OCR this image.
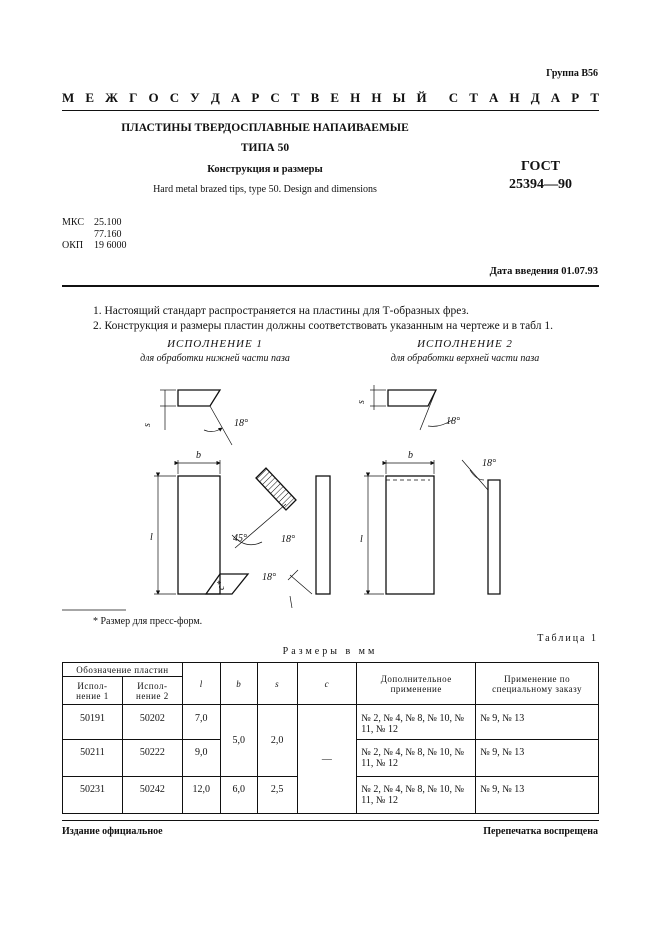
Группа В56
М Е Ж Г О С У Д А Р С Т В Е Н Н Ы Й С Т А Н Д А Р Т
ПЛАСТИНЫ ТВЕРДОСПЛАВНЫЕ НАПАИВАЕМЫЕ
ТИПА 50
Конструкция и размеры
Hard metal brazed tips, type 50. Design and dimensions
ГОСТ
25394—90
МКС	25.100
77.160
ОКП	19 6000
Дата введения 01.07.93
1. Настоящий стандарт распространяется на пластины для Т-образных фрез.
2. Конструкция и размеры пластин должны соответствовать указанным на чертеже и в табл 1.
ИСПОЛНЕНИЕ 1
для обработки нижней части паза
ИСПОЛНЕНИЕ 2
для обработки верхней части паза
s	18°
b
l	45°	18°
c*
18°
s
18°
b
l
18°
* Размер для пресс-форм.
Таблица 1
Размеры в мм
Обозначение пластин		l	b	s	c	Дополнительное применение	Применение по специальному заказу
Испол-нение 1	Испол-нение 2						
50191	50202	7,0	5,0	2,0	—	№ 2, № 4, № 8, № 10, № 11, № 12	№ 9, № 13
50211	50222	9,0				№ 2, № 4, № 8, № 10, № 11, № 12	№ 9, № 13
50231	50242	12,0	6,0	2,5		№ 2, № 4, № 8, № 10, № 11, № 12	№ 9, № 13
Издание официальное	Перепечатка воспрещена
